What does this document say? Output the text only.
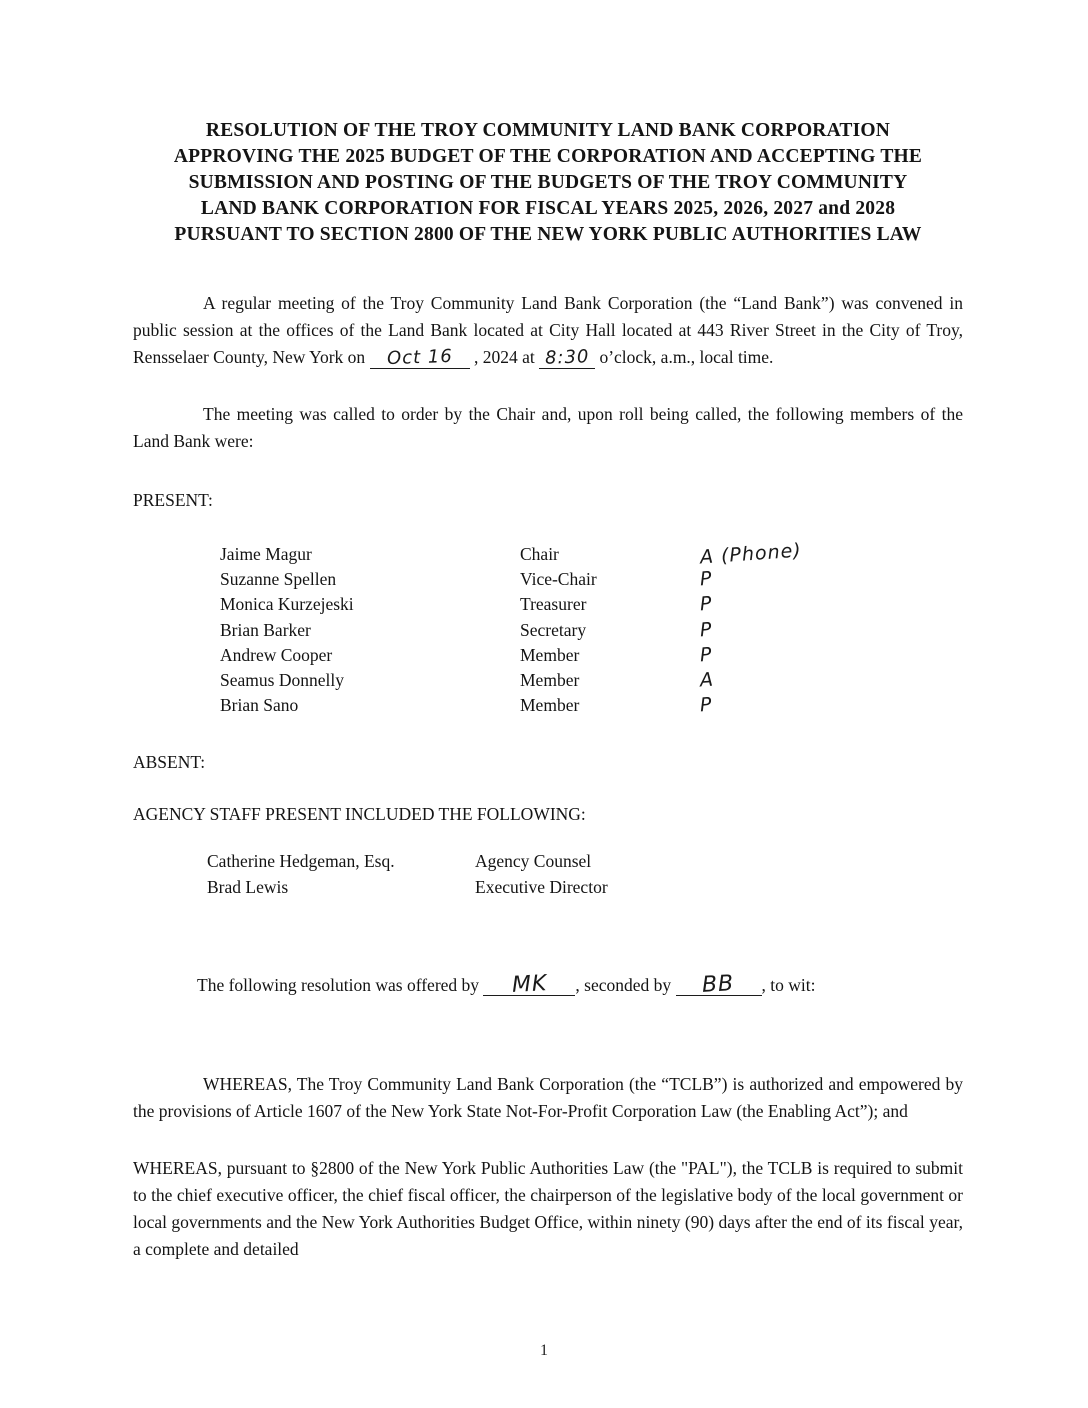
RESOLUTION OF THE TROY COMMUNITY LAND BANK CORPORATION
APPROVING THE 2025 BUDGET OF THE CORPORATION AND ACCEPTING THE
SUBMISSION AND POSTING OF THE BUDGETS OF THE TROY COMMUNITY
LAND BANK CORPORATION FOR FISCAL YEARS 2025, 2026, 2027 and 2028
PURSUANT TO SECTION 2800 OF THE NEW YORK PUBLIC AUTHORITIES LAW

A regular meeting of the Troy Community Land Bank Corporation (the “Land Bank”) was convened in public session at the offices of the Land Bank located at City Hall located at 443 River Street in the City of Troy, Rensselaer County, New York on Oct 16 , 2024 at 8:30 o’clock, a.m., local time.

The meeting was called to order by the Chair and, upon roll being called, the following members of the Land Bank were:

PRESENT:
Jaime Magur	Chair	A (Phone)
Suzanne Spellen	Vice-Chair	P
Monica Kurzejeski	Treasurer	P
Brian Barker	Secretary	P
Andrew Cooper	Member	P
Seamus Donnelly	Member	A
Brian Sano	Member	P
ABSENT:
AGENCY STAFF PRESENT INCLUDED THE FOLLOWING:
Catherine Hedgeman, Esq.	Agency Counsel
Brad Lewis	Executive Director

The following resolution was offered by MK , seconded by BB , to wit:

WHEREAS, The Troy Community Land Bank Corporation (the “TCLB”) is authorized and empowered by the provisions of Article 1607 of the New York State Not-For-Profit Corporation Law (the Enabling Act”); and

WHEREAS, pursuant to §2800 of the New York Public Authorities Law (the "PAL"), the TCLB is required to submit to the chief executive officer, the chief fiscal officer, the chairperson of the legislative body of the local government or local governments and the New York Authorities Budget Office, within ninety (90) days after the end of its fiscal year, a complete and detailed

1
